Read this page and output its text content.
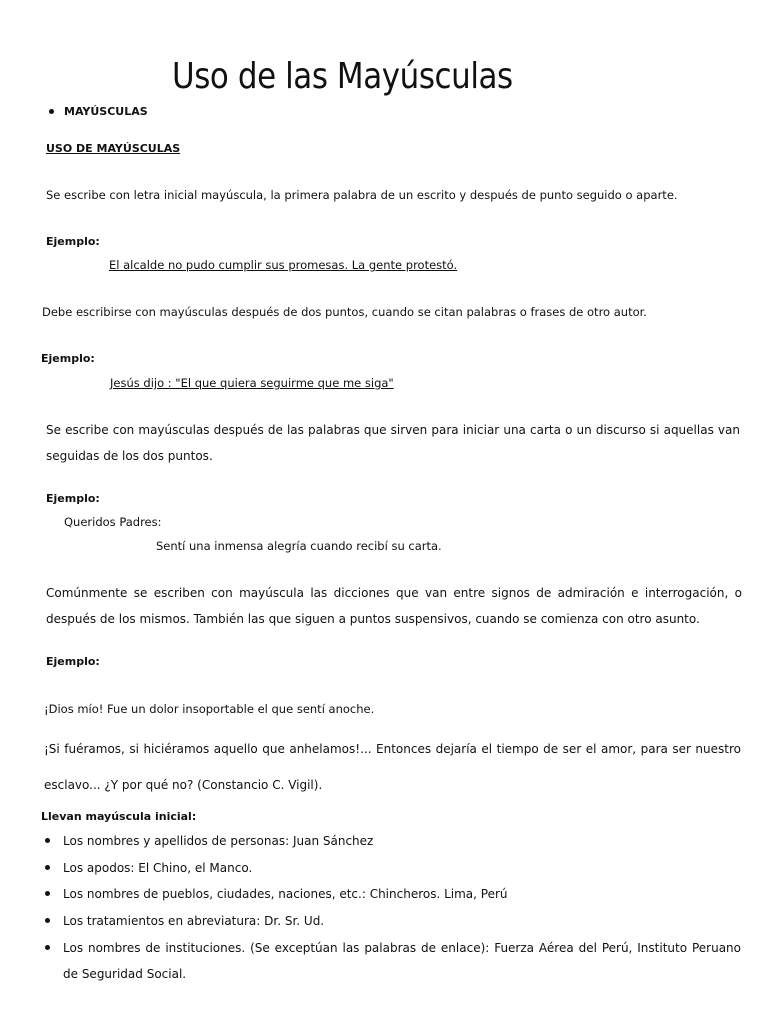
Uso de las Mayúsculas
MAYÚSCULAS
USO DE MAYÚSCULAS
Se escribe con letra inicial mayúscula, la primera palabra de un escrito y después de punto seguido o aparte.
Ejemplo:
El alcalde no pudo cumplir sus promesas. La gente protestó.
Debe escribirse con mayúsculas después de dos puntos, cuando se citan palabras o frases de otro autor.
Ejemplo:
Jesús dijo : "El que quiera seguirme que me siga"
Se escribe con mayúsculas después de las palabras que sirven para iniciar una carta o un discurso si aquellas van seguidas de los dos puntos.
Ejemplo:
Queridos Padres:
Sentí una inmensa alegría cuando recibí su carta.
Comúnmente se escriben con mayúscula las dicciones que van entre signos de admiración e interrogación, o después de los mismos. También las que siguen a puntos suspensivos, cuando se comienza con otro asunto.
Ejemplo:
¡Dios mío! Fue un dolor insoportable el que sentí anoche.
¡Si fuéramos, si hiciéramos aquello que anhelamos!... Entonces dejaría el tiempo de ser el amor, para ser nuestro esclavo... ¿Y por qué no? (Constancio C. Vigil).
Llevan mayúscula inicial:
Los nombres y apellidos de personas: Juan Sánchez
Los apodos: El Chino, el Manco.
Los nombres de pueblos, ciudades, naciones, etc.: Chincheros. Lima, Perú
Los tratamientos en abreviatura: Dr. Sr. Ud.
Los nombres de instituciones. (Se exceptúan las palabras de enlace): Fuerza Aérea del Perú, Instituto Peruano de Seguridad Social.
